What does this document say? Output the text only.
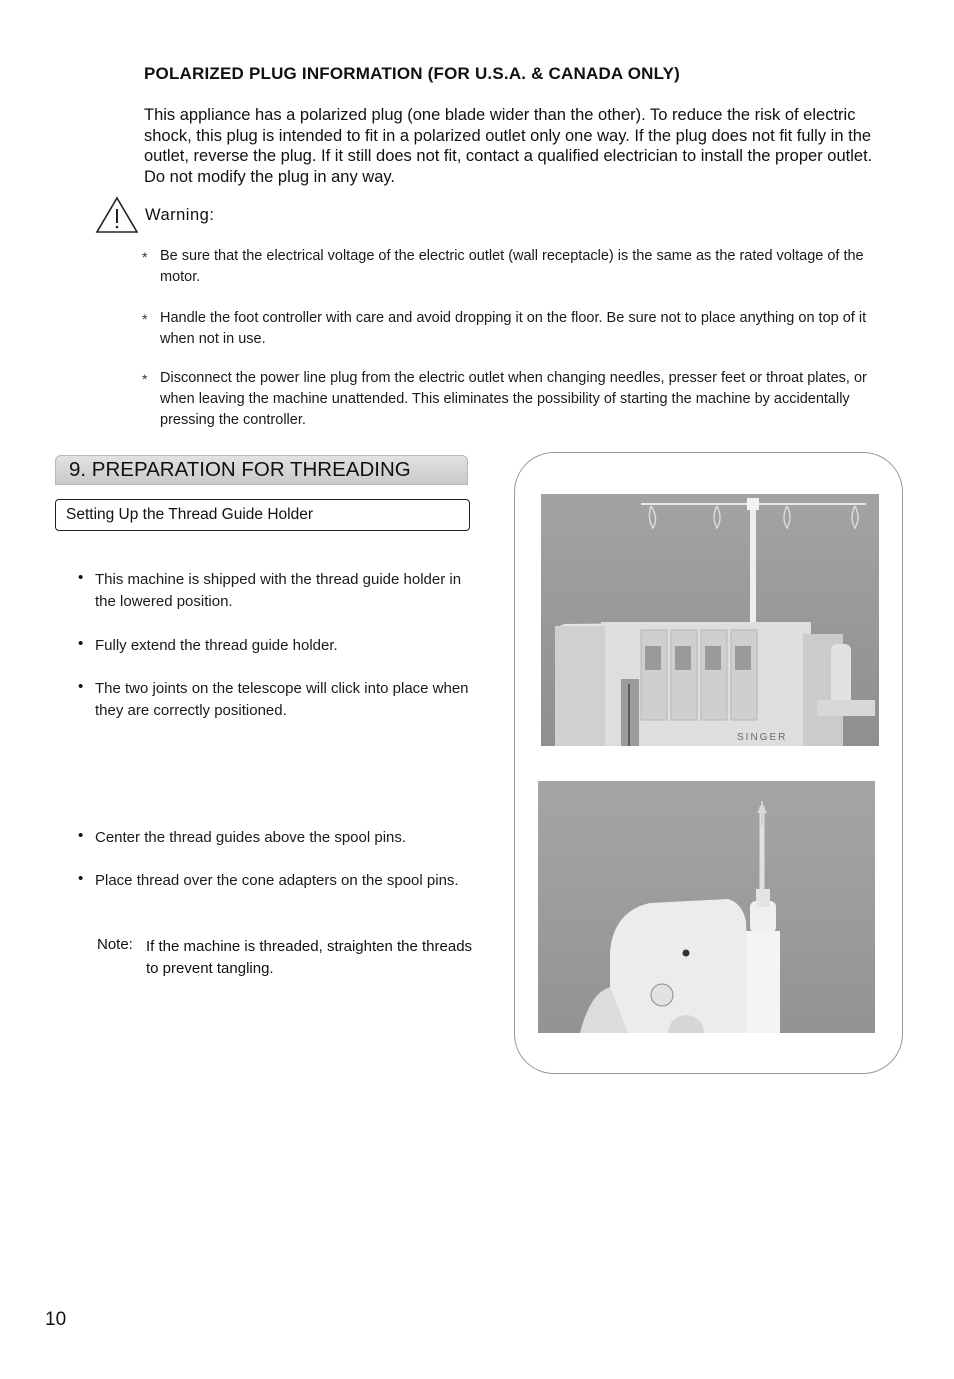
POLARIZED PLUG INFORMATION (FOR U.S.A. & CANADA ONLY)
This appliance has a polarized plug (one blade wider than the other). To reduce the risk of electric shock, this plug is intended to fit in a polarized outlet only one way. If the plug does not fit fully in the outlet, reverse the plug. If it still does not fit, contact a qualified electrician to install the proper outlet. Do not modify the plug in any way.
Warning:
* Be sure that the electrical voltage of the electric outlet (wall receptacle) is the same as the rated voltage of the motor.
* Handle the foot controller with care and avoid dropping it on the floor. Be sure not to place anything on top of it when not in use.
* Disconnect the power line plug from the electric outlet when changing needles, presser feet or throat plates, or when leaving the machine unattended. This eliminates the possibility of starting the machine by accidentally pressing the controller.
9. PREPARATION FOR THREADING
Setting Up the Thread Guide Holder
• This machine is shipped with the thread guide holder in the lowered position.
• Fully extend the thread guide holder.
• The two joints on the telescope will click into place when they are correctly positioned.
• Center the thread guides above the spool pins.
• Place thread over the cone adapters on the spool pins.
Note: If the machine is threaded, straighten the threads to prevent tangling.
SINGER
10
